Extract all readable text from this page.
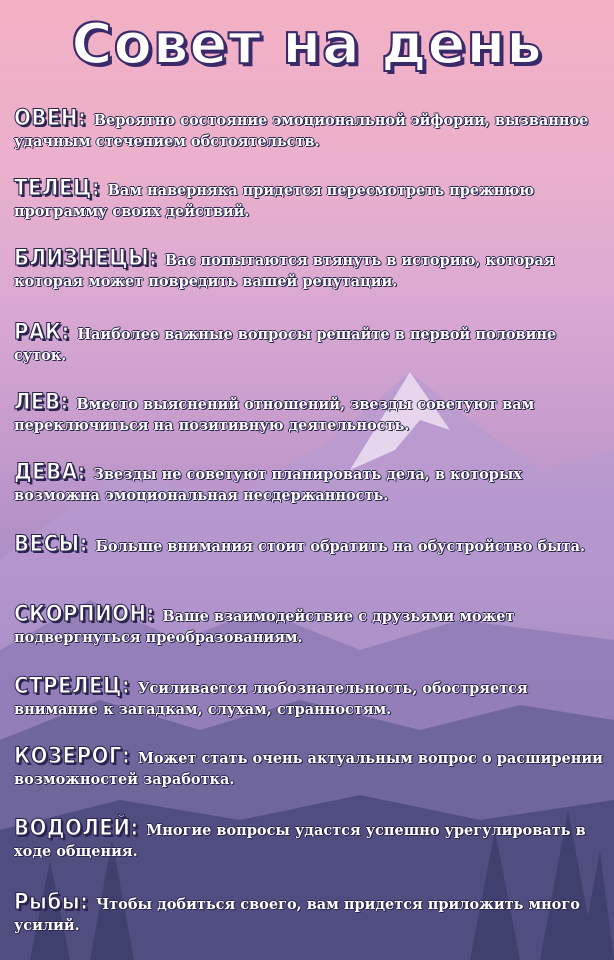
Совет на день
ОВЕН: Вероятно состояние эмоциональной эйфории, вызванное удачным стечением обстоятельств.
ТЕЛЕЦ: Вам наверняка придется пересмотреть прежнюю программу своих действий.
БЛИЗНЕЦЫ: Вас попытаются втянуть в историю, которая которая может повредить вашей репутации.
РАК: Наиболее важные вопросы решайте в первой половине суток.
ЛЕВ: Вместо выяснений отношений, звезды советуют вам переключиться на позитивную деятельность.
ДЕВА: Звезды не советуют планировать дела, в которых возможна эмоциональная несдержанность.
ВЕСЫ: Больше внимания стоит обратить на обустройство быта.
СКОРПИОН: Ваше взаимодействие с друзьями может подвергнуться преобразованиям.
СТРЕЛЕЦ: Усиливается любознательность, обостряется внимание к загадкам, слухам, странностям.
КОЗЕРОГ: Может стать очень актуальным вопрос о расширении возможностей заработка.
ВОДОЛЕЙ: Многие вопросы удастся успешно урегулировать в ходе общения.
Рыбы: Чтобы добиться своего, вам придется приложить много усилий.
